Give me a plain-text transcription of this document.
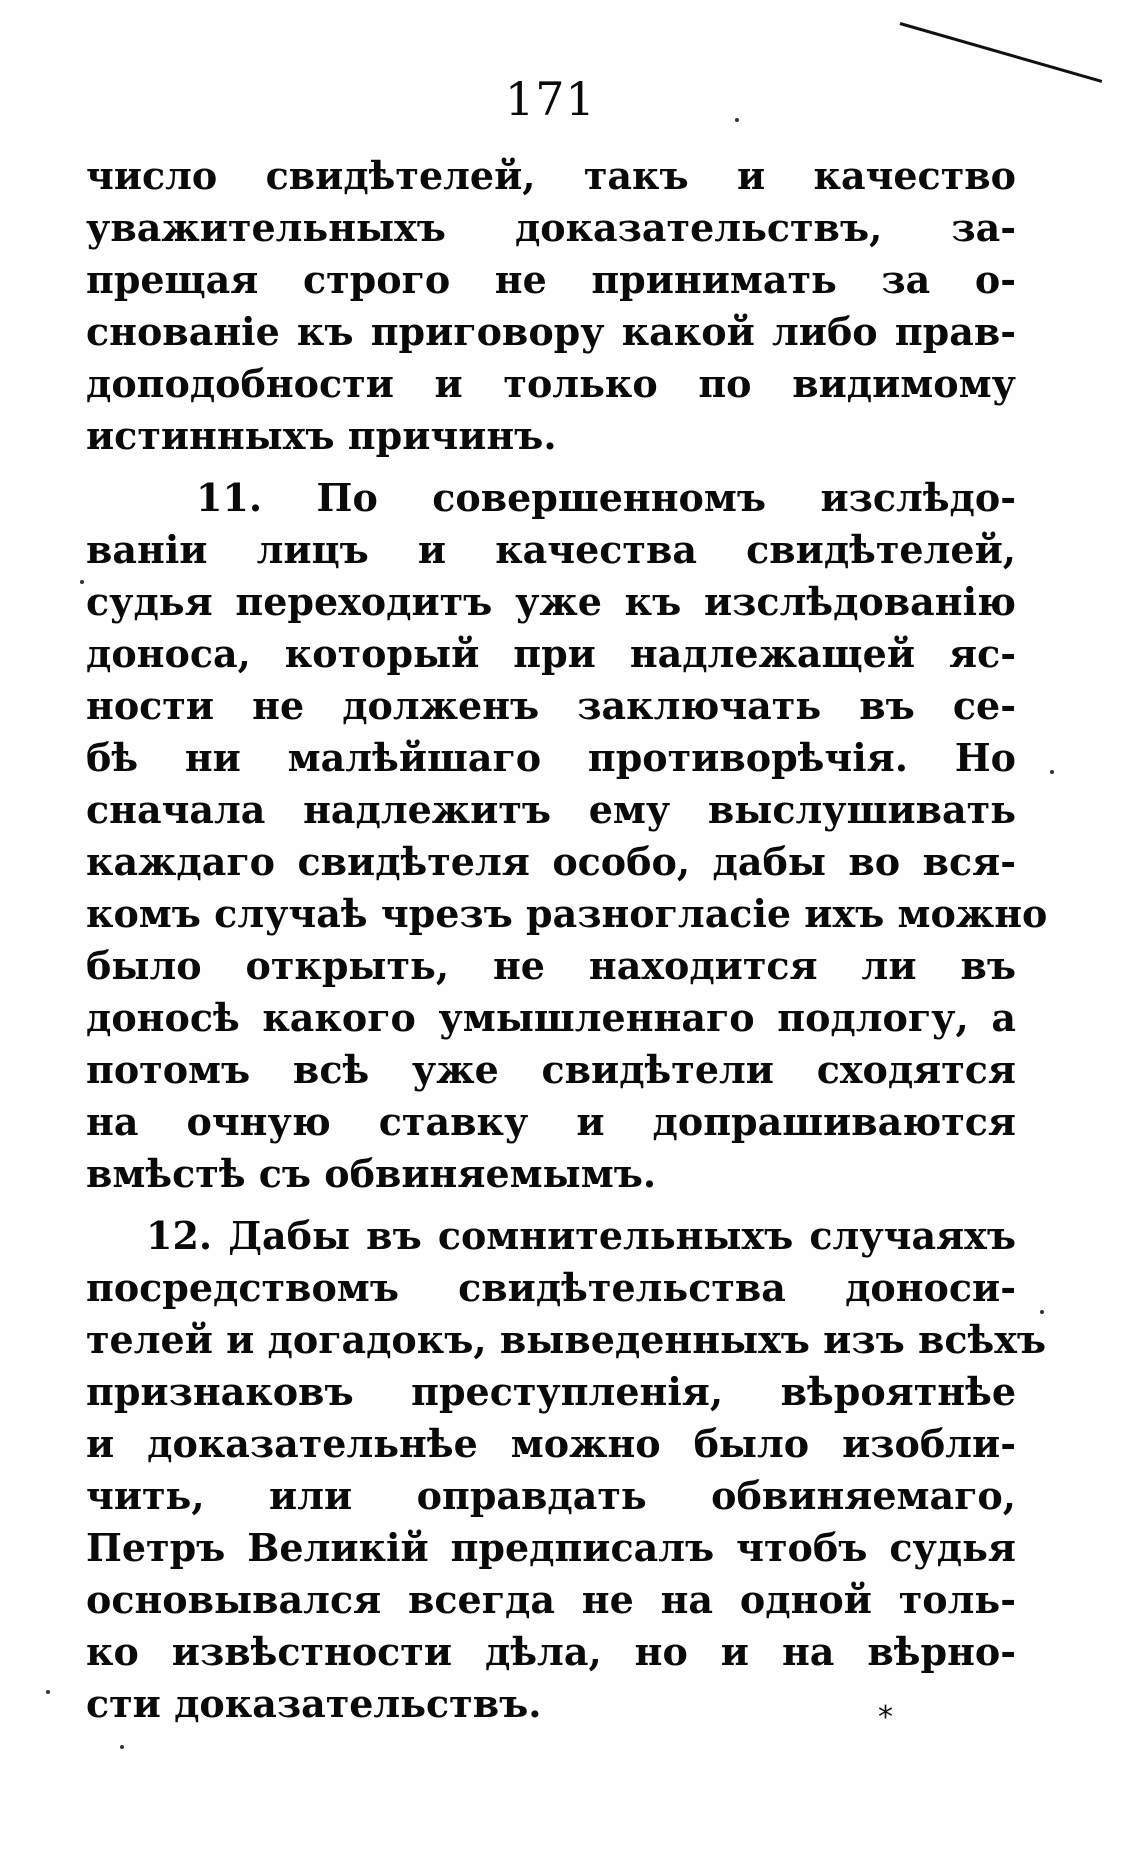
171
число свидѣтелей, такъ и качество
уважительныхъ доказательствъ, за-
прещая строго не принимать за о-
снованіе къ приговору какой либо прав-
доподобности и только по видимому
истинныхъ причинъ.
11. По совершенномъ изслѣдо-
ваніи лицъ и качества свидѣтелей,
судья переходитъ уже къ изслѣдованію
доноса, который при надлежащей яс-
ности не долженъ заключать въ се-
бѣ ни малѣйшаго противорѣчія. Но
сначала надлежитъ ему выслушивать
каждаго свидѣтеля особо, дабы во вся-
комъ случаѣ чрезъ разногласіе ихъ можно
было открыть, не находится ли въ
доносѣ какого умышленнаго подлогу, а
потомъ всѣ уже свидѣтели сходятся
на очную ставку и допрашиваются
вмѣстѣ съ обвиняемымъ.
12. Дабы въ сомнительныхъ случаяхъ
посредствомъ свидѣтельства доноси-
телей и догадокъ, выведенныхъ изъ всѣхъ
признаковъ преступленія, вѣроятнѣе
и доказательнѣе можно было изобли-
чить, или оправдать обвиняемаго,
Петръ Великій предписалъ чтобъ судья
основывался всегда не на одной толь-
ко извѣстности дѣла, но и на вѣрно-
сти доказательствъ.	*
